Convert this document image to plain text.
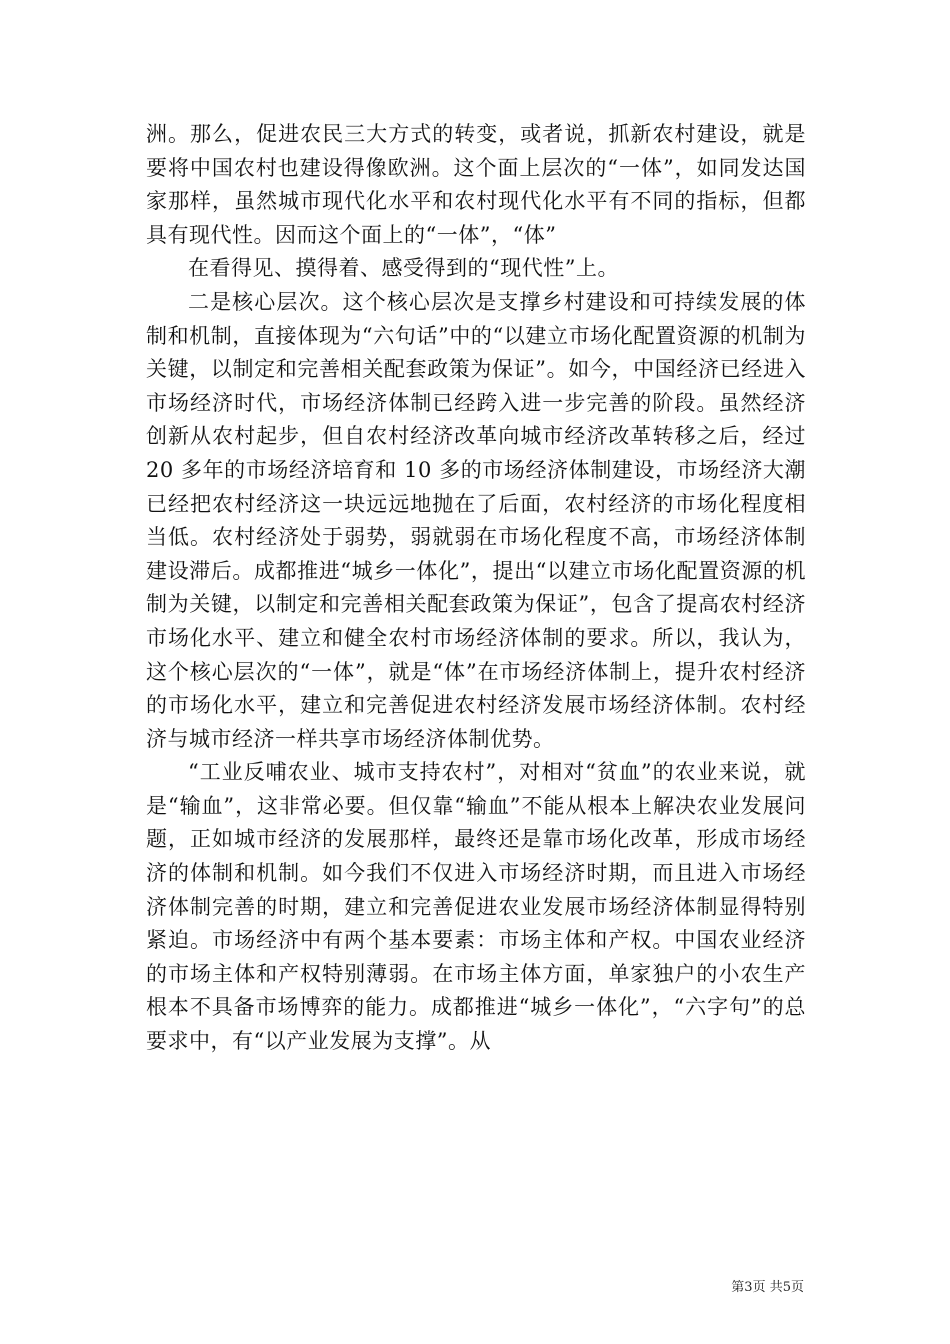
洲。那么，促进农民三大方式的转变，或者说，抓新农村建设，就是要将中国农村也建设得像欧洲。这个面上层次的“一体”，如同发达国家那样，虽然城市现代化水平和农村现代化水平有不同的指标，但都具有现代性。因而这个面上的“一体”，“体”

在看得见、摸得着、感受得到的“现代性”上。

二是核心层次。这个核心层次是支撑乡村建设和可持续发展的体制和机制，直接体现为“六句话”中的“以建立市场化配置资源的机制为关键，以制定和完善相关配套政策为保证”。如今，中国经济已经进入市场经济时代，市场经济体制已经跨入进一步完善的阶段。虽然经济创新从农村起步，但自农村经济改革向城市经济改革转移之后，经过 20 多年的市场经济培育和 10 多的市场经济体制建设，市场经济大潮已经把农村经济这一块远远地抛在了后面，农村经济的市场化程度相当低。农村经济处于弱势，弱就弱在市场化程度不高，市场经济体制建设滞后。成都推进“城乡一体化”，提出“以建立市场化配置资源的机制为关键，以制定和完善相关配套政策为保证”，包含了提高农村经济市场化水平、建立和健全农村市场经济体制的要求。所以，我认为，这个核心层次的“一体”，就是“体”在市场经济体制上，提升农村经济的市场化水平，建立和完善促进农村经济发展市场经济体制。农村经济与城市经济一样共享市场经济体制优势。

“工业反哺农业、城市支持农村”，对相对“贫血”的农业来说，就是“输血”，这非常必要。但仅靠“输血”不能从根本上解决农业发展问题，正如城市经济的发展那样，最终还是靠市场化改革，形成市场经济的体制和机制。如今我们不仅进入市场经济时期，而且进入市场经济体制完善的时期，建立和完善促进农业发展市场经济体制显得特别紧迫。市场经济中有两个基本要素：市场主体和产权。中国农业经济的市场主体和产权特别薄弱。在市场主体方面，单家独户的小农生产根本不具备市场博弈的能力。成都推进“城乡一体化”，“六字句”的总要求中，有“以产业发展为支撑”。从

第3页 共5页
